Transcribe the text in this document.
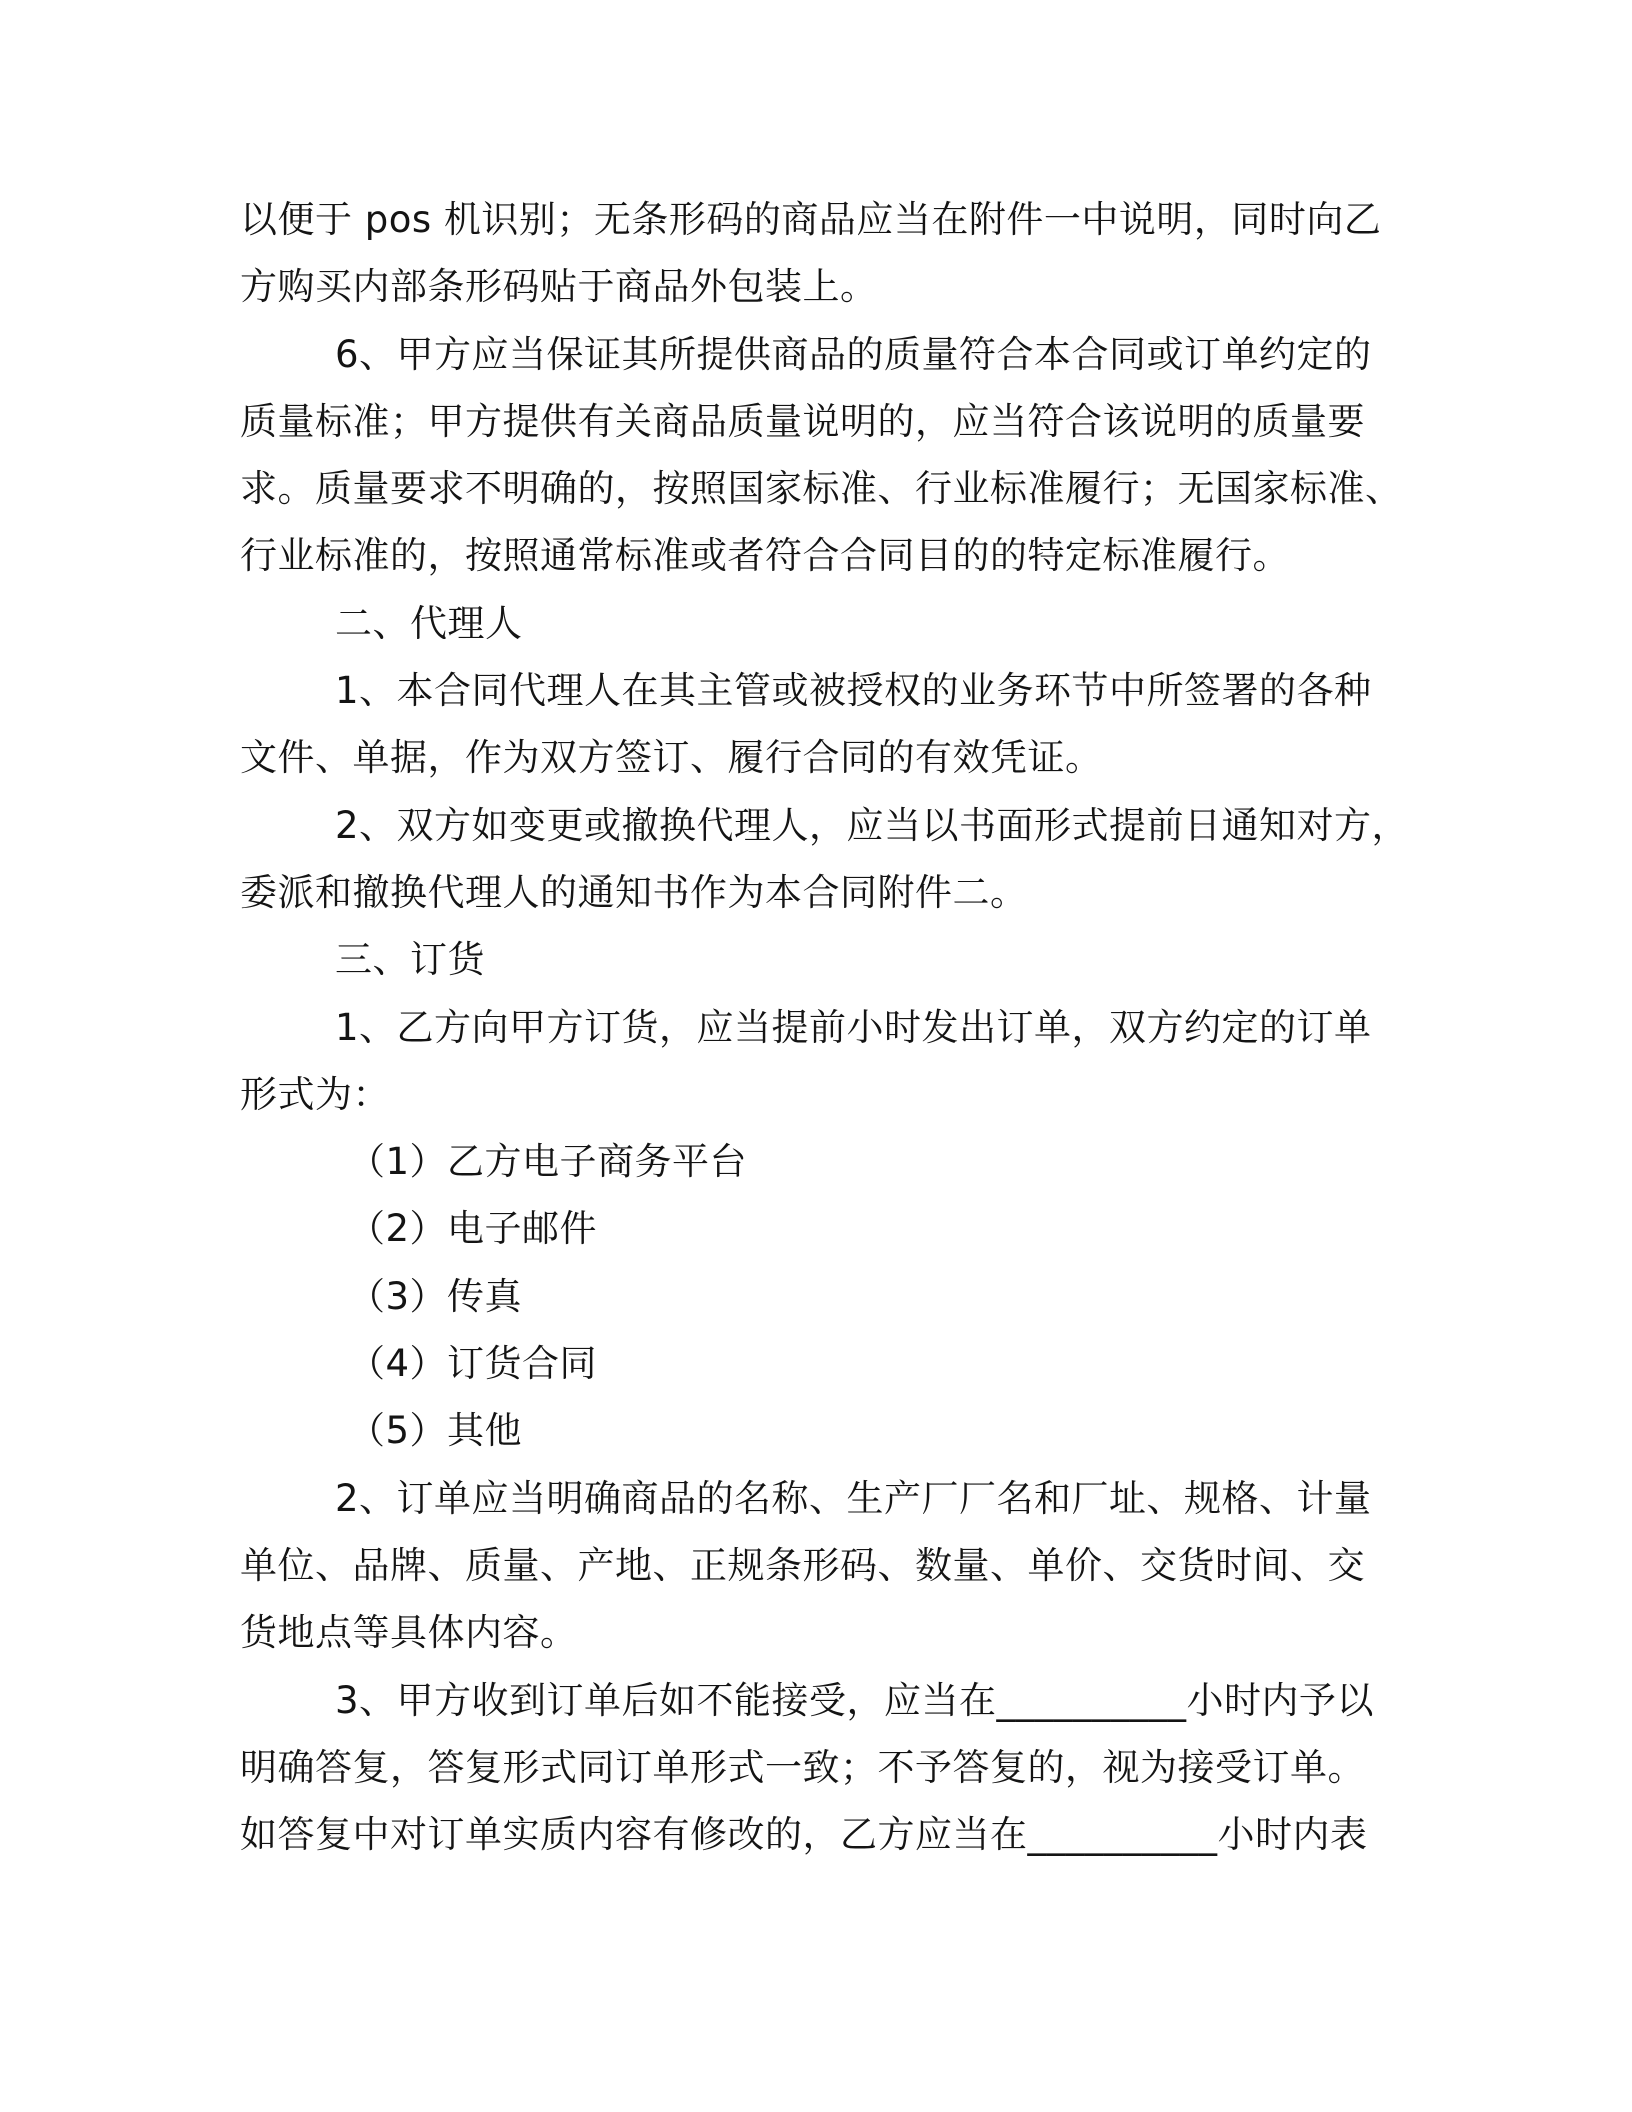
以便于 pos 机识别；无条形码的商品应当在附件一中说明，同时向乙
方购买内部条形码贴于商品外包装上。
6、甲方应当保证其所提供商品的质量符合本合同或订单约定的
质量标准；甲方提供有关商品质量说明的，应当符合该说明的质量要
求。质量要求不明确的，按照国家标准、行业标准履行；无国家标准、
行业标准的，按照通常标准或者符合合同目的的特定标准履行。
二、代理人
1、本合同代理人在其主管或被授权的业务环节中所签署的各种
文件、单据，作为双方签订、履行合同的有效凭证。
2、双方如变更或撤换代理人，应当以书面形式提前日通知对方，
委派和撤换代理人的通知书作为本合同附件二。
三、订货
1、乙方向甲方订货，应当提前小时发出订单，双方约定的订单
形式为：
（1）乙方电子商务平台
（2）电子邮件
（3）传真
（4）订货合同
（5）其他
2、订单应当明确商品的名称、生产厂厂名和厂址、规格、计量
单位、品牌、质量、产地、正规条形码、数量、单价、交货时间、交
货地点等具体内容。
3、甲方收到订单后如不能接受，应当在__________小时内予以
明确答复，答复形式同订单形式一致；不予答复的，视为接受订单。
如答复中对订单实质内容有修改的，乙方应当在__________小时内表
